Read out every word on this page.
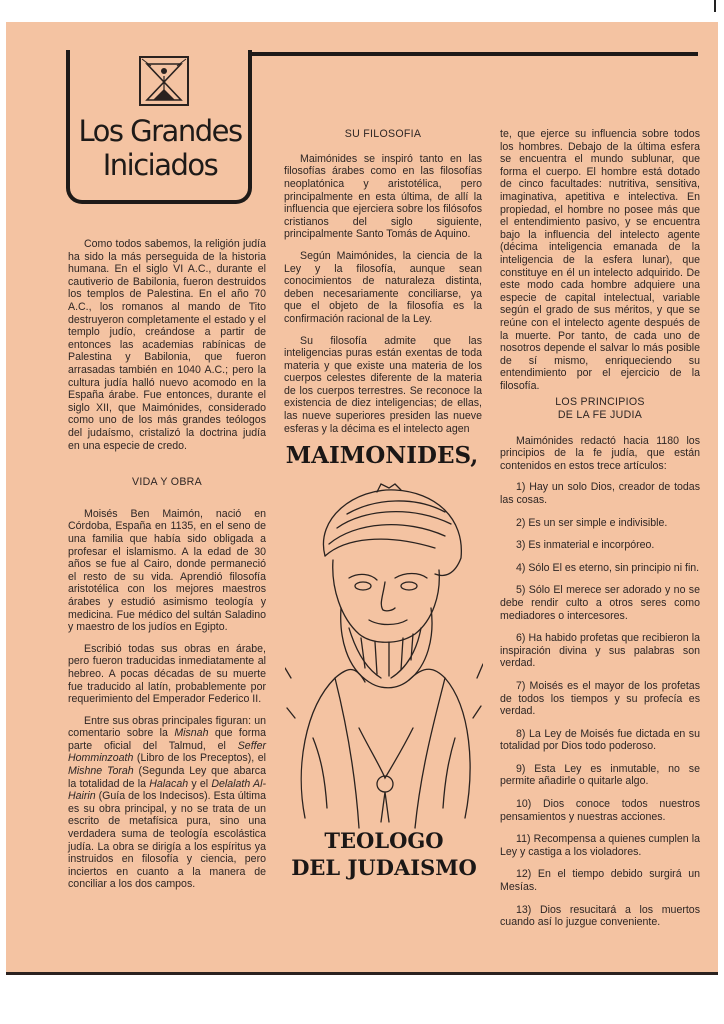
Los Grandes
Iniciados

Como todos sabemos, la religión judía ha sido la más perseguida de la historia humana. En el siglo VI A.C., durante el cautiverio de Babilonia, fueron destruidos los templos de Palestina. En el año 70 A.C., los romanos al mando de Tito destruyeron completamente el estado y el templo judío, creándose a partir de entonces las academias rabínicas de Palestina y Babilonia, que fueron arrasadas también en 1040 A.C.; pero la cultura judía halló nuevo acomodo en la España árabe. Fue entonces, durante el siglo XII, que Maimónides, considerado como uno de los más grandes teólogos del judaísmo, cristalizó la doctrina judía en una especie de credo.

VIDA Y OBRA

Moisés Ben Maimón, nació en Córdoba, España en 1135, en el seno de una familia que había sido obligada a profesar el islamismo. A la edad de 30 años se fue al Cairo, donde permaneció el resto de su vida. Aprendió filosofía aristotélica con los mejores maestros árabes y estudió asimismo teología y medicina. Fue médico del sultán Saladino y maestro de los judíos en Egipto.

Escribió todas sus obras en árabe, pero fueron traducidas inmediatamente al hebreo. A pocas décadas de su muerte fue traducido al latín, probablemente por requerimiento del Emperador Federico II.

Entre sus obras principales figuran: un comentario sobre la Misnah que forma parte oficial del Talmud, el Seffer Homminzoath (Libro de los Preceptos), el Mishne Torah (Segunda Ley que abarca la totalidad de la Halacah y el Delalath Al-Hairin (Guía de los Indecisos). Esta última es su obra principal, y no se trata de un escrito de metafísica pura, sino una verdadera suma de teología escolástica judía. La obra se dirigía a los espíritus ya instruidos en filosofía y ciencia, pero inciertos en cuanto a la manera de conciliar a los dos campos.

SU FILOSOFIA

Maimónides se inspiró tanto en las filosofías árabes como en las filosofías neoplatónica y aristotélica, pero principalmente en esta última, de allí la influencia que ejerciera sobre los filósofos cristianos del siglo siguiente, principalmente Santo Tomás de Aquino.

Según Maimónides, la ciencia de la Ley y la filosofía, aunque sean conocimientos de naturaleza distinta, deben necesariamente conciliarse, ya que el objeto de la filosofía es la confirmación racional de la Ley.

Su filosofía admite que las inteligencias puras están exentas de toda materia y que existe una materia de los cuerpos celestes diferente de la materia de los cuerpos terrestres. Se reconoce la existencia de diez inteligencias; de ellas, las nueve superiores presiden las nueve esferas y la décima es el intelecto agen

MAIMONIDES,
TEOLOGO
DEL JUDAISMO

te, que ejerce su influencia sobre todos los hombres. Debajo de la última esfera se encuentra el mundo sublunar, que forma el cuerpo. El hombre está dotado de cinco facultades: nutritiva, sensitiva, imaginativa, apetitiva e intelectiva. En propiedad, el hombre no posee más que el entendimiento pasivo, y se encuentra bajo la influencia del intelecto agente (décima inteligencia emanada de la inteligencia de la esfera lunar), que constituye en él un intelecto adquirido. De este modo cada hombre adquiere una especie de capital intelectual, variable según el grado de sus méritos, y que se reúne con el intelecto agente después de la muerte. Por tanto, de cada uno de nosotros depende el salvar lo más posible de sí mismo, enriqueciendo su entendimiento por el ejercicio de la filosofía.

LOS PRINCIPIOS
DE LA FE JUDIA

Maimónides redactó hacia 1180 los principios de la fe judía, que están contenidos en estos trece artículos:

1) Hay un solo Dios, creador de todas las cosas.

2) Es un ser simple e indivisible.

3) Es inmaterial e incorpóreo.

4) Sólo El es eterno, sin principio ni fin.

5) Sólo El merece ser adorado y no se debe rendir culto a otros seres como mediadores o intercesores.

6) Ha habido profetas que recibieron la inspiración divina y sus palabras son verdad.

7) Moisés es el mayor de los profetas de todos los tiempos y su profecía es verdad.

8) La Ley de Moisés fue dictada en su totalidad por Dios todo poderoso.

9) Esta Ley es inmutable, no se permite añadirle o quitarle algo.

10) Dios conoce todos nuestros pensamientos y nuestras acciones.

11) Recompensa a quienes cumplen la Ley y castiga a los violadores.

12) En el tiempo debido surgirá un Mesías.

13) Dios resucitará a los muertos cuando así lo juzgue conveniente.
